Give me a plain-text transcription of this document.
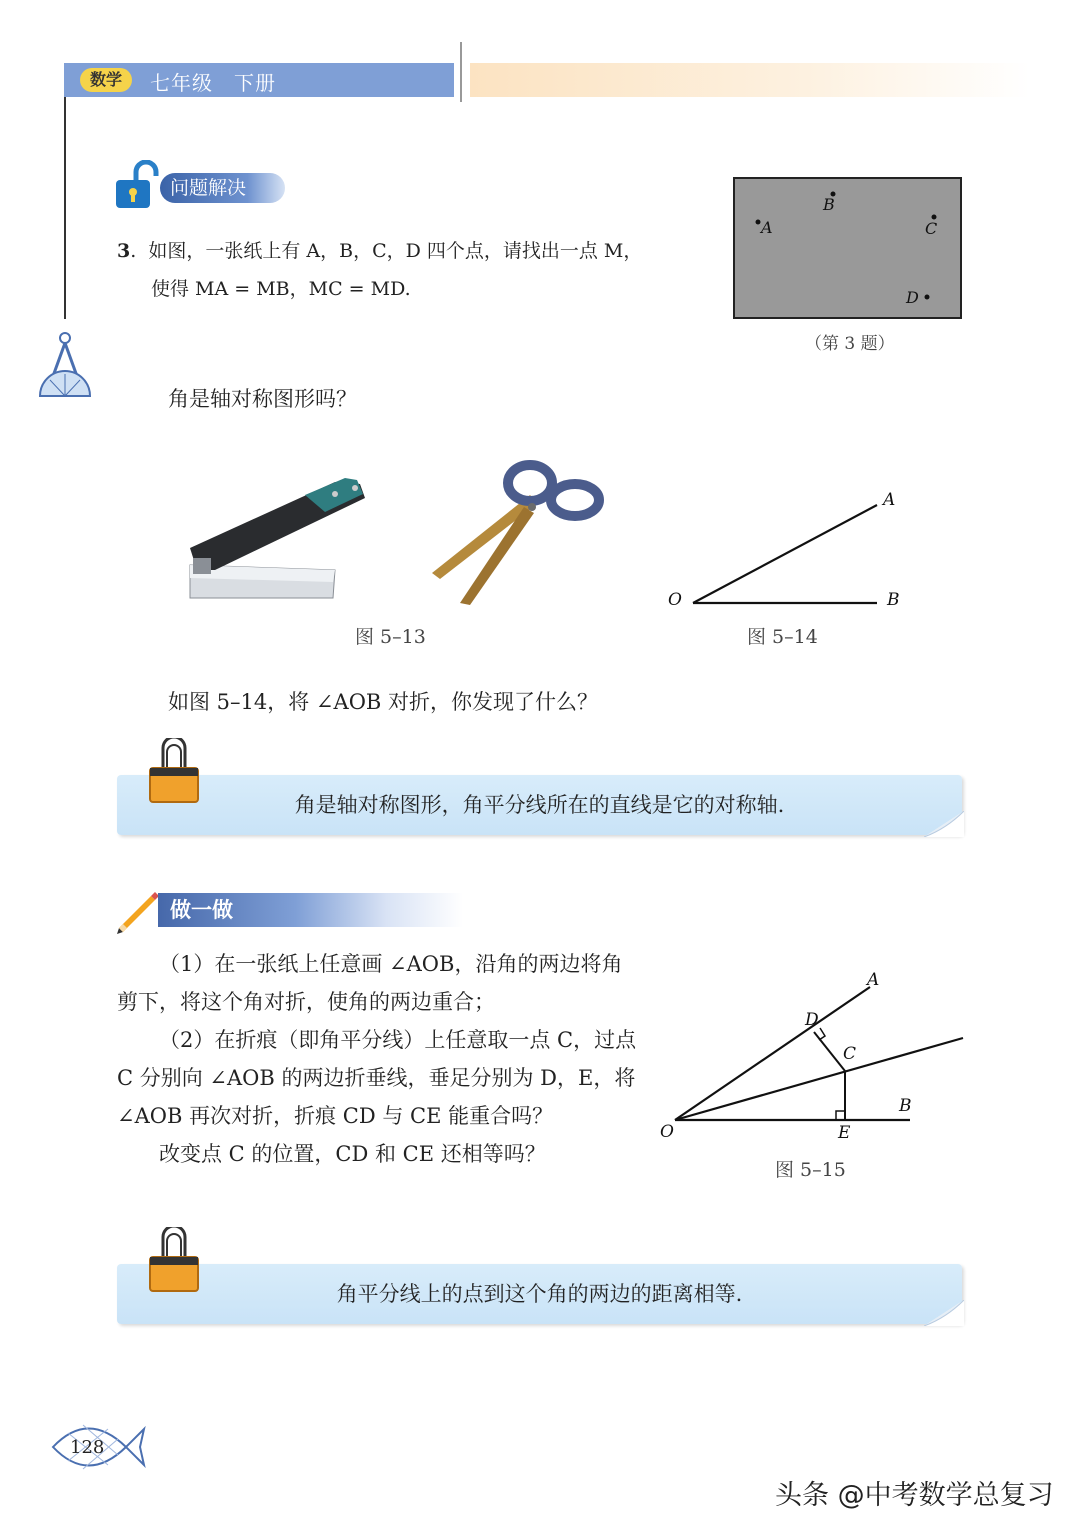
数学	七年级　下册
问题解决
3.  如图，一张纸上有 A，B，C，D 四个点，请找出一点 M，
使得 MA = MB，MC = MD.
A
B
C
D
（第 3 题）
角是轴对称图形吗？
图 5–13
A
O	B
图 5–14
如图 5–14，将 ∠AOB 对折，你发现了什么？
角是轴对称图形，角平分线所在的直线是它的对称轴.
做一做

（1）在一张纸上任意画 ∠AOB，沿角的两边将角剪下，将这个角对折，使角的两边重合；

（2）在折痕（即角平分线）上任意取一点 C，过点 C 分别向 ∠AOB 的两边折垂线，垂足分别为 D，E，将 ∠AOB 再次对折，折痕 CD 与 CE 能重合吗？

改变点 C 的位置，CD 和 CE 还相等吗？

A
D
C
B
O	E
图 5–15
角平分线上的点到这个角的两边的距离相等.
128
头条 @中考数学总复习
